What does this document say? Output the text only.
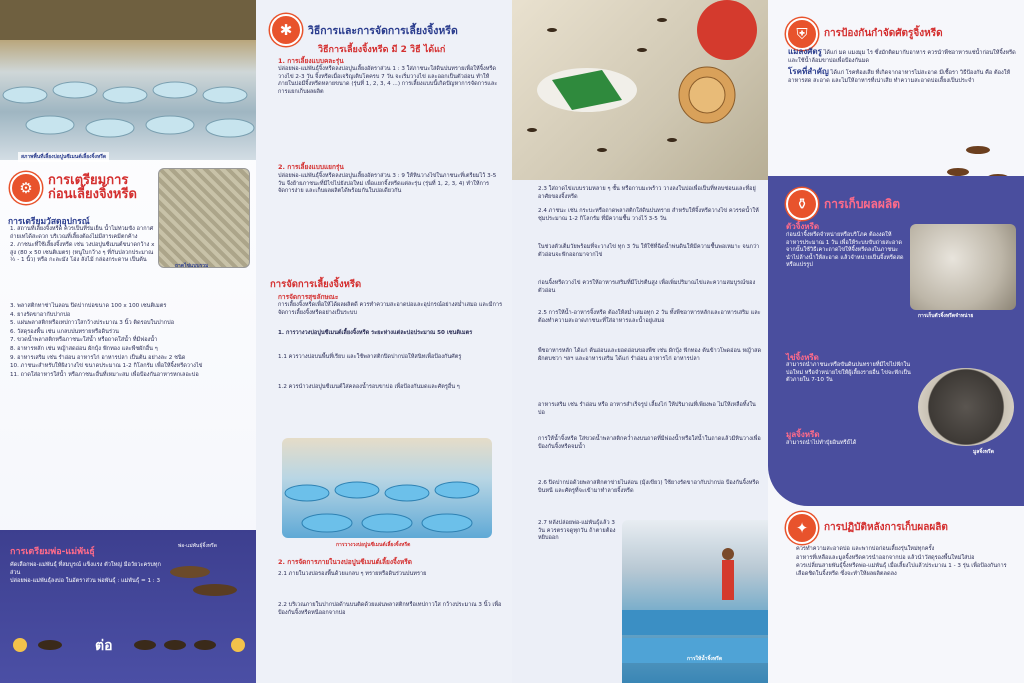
สภาพพื้นที่เลี้ยงบ่อปูนซีเมนต์เลี้ยงจิ้งหรีด
⚙	การเตรียมการ
ก่อนเลี้ยงจิ้งหรีด
ถาดไข่แบบรวม
การเตรียมวัสดุอุปกรณ์

1. สถานที่เลี้ยงจิ้งหรีด ควรเป็นที่ร่มเย็น น้ำไม่ท่วมขัง อากาศถ่ายเทได้สะดวก บริเวณที่เลี้ยงต้องไม่มีสารเคมีตกค้าง

2. ภาชนะที่ใช้เลี้ยงจิ้งหรีด เช่น วงบ่อปูนซีเมนต์ขนาดกว้าง x สูง (80 x 50 เซนติเมตร) (หนูใบกว้าง ๆ ที่กันปลวกประมาณ ½ - 1 นิ้ว) หรือ กะละมัง โอ่ง ลังไม้ กล่องกระดาษ เป็นต้น

3. พลาสติกทาซ่าไนลอน ปิดปากบ่อขนาด 100 x 100 เซนติเมตร

4. ยางรัดขาอากับปากบ่อ

5. แผ่นพลาสติกหรือเทปกาวใสกว้างประมาณ 3 นิ้ว ติดรอบในปากบ่อ

6. วัสดุรองพื้น เช่น แกลบปนทรายหรือดินร่วน

7. ขวดน้ำพลาสติกหรือภาชนะใส่น้ำ หรือถาดใส่น้ำ ที่มีฟองน้ำ

8. อาหารหลัก เช่น หญ้าสดอ่อน ผักบุ้ง ฟักทอง และพืชผักอื่น ๆ

9. อาหารเสริม เช่น รำอ่อน อาหารไก่ อาหารปลา เป็นต้น อย่างละ 2 ชนิด

10. ภาชนะสำหรับให้ผิงวางไข่ ขนาดประมาณ 1-2 กิโลกรัม เพื่อให้จิ้งหรีดวางไข่

11. ถาดใส่อาหารใส่น้ำ หรือภาชนะอื่นที่เหมาะสม เพื่อป้องกันอาหารหกเลอะบ่อ

การเตรียมพ่อ-แม่พันธุ์
พ่อ-แม่พันธุ์จิ้งหรีด

คัดเลือกพ่อ-แม่พันธุ์ ที่สมบูรณ์ แข็งแรง ตัวใหญ่ มีอวัยวะครบทุกส่วน

ปล่อยพ่อ-แม่พันธุ์ลงบ่อ ในอัตราส่วน พ่อพันธุ์ : แม่พันธุ์ = 1 : 3

ต่อ
✱	วิธีการและการจัดการเลี้ยงจิ้งหรีด
วิธีการเลี้ยงจิ้งหรีด มี 2 วิธี ได้แก่
1. การเลี้ยงแบบคละรุ่น
ปล่อยพ่อ-แม่พันธุ์จิ้งหรีดลงบ่อปูนเลี้ยงอัตราส่วน 1 : 3 ใส่ภาชนะใส่ดินปนทรายเพื่อให้จิ้งหรีดวางไข่ 2-3 วัน จิ้งหรีดเมื่อเจริญเติบโตครบ 7 วัน จะเริ่มวางไข่ และออกเป็นตัวอ่อน ทำให้ภายในบ่อมีจิ้งหรีดหลายขนาด (รุ่นที่ 1, 2, 3, 4 ...) การเลี้ยงแบบนี้เกิดปัญหาการจัดการและการแยกเก็บผลผลิต
2. การเลี้ยงแบบแยกรุ่น
ปล่อยพ่อ-แม่พันธุ์จิ้งหรีดลงบ่อปูนเลี้ยงอัตราส่วน 3 : 9 ให้หินวางไข่ในภาชนะที่เตรียมไว้ 3-5 วัน จึงย้ายภาชนะที่มีไข่ไปยังบ่อใหม่ เพื่อแยกจิ้งหรีดแต่ละรุ่น (รุ่นที่ 1, 2, 3, 4) ทำให้การจัดการง่าย และเก็บผลผลิตได้พร้อมกันในบ่อเดียวกัน
การจัดการเลี้ยงจิ้งหรีด
การจัดการสุขลักษณะ
การเลี้ยงจิ้งหรีดเพื่อให้ได้ผลผลิตดี ควรทำความสะอาดบ่อและอุปกรณ์อย่างสม่ำเสมอ และมีการจัดการเลี้ยงจิ้งหรีดอย่างเป็นระบบ
1. การวางวงบ่อปูนซีเมนต์เลี้ยงจิ้งหรีด ระยะห่างแต่ละบ่อประมาณ 50 เซนติเมตร
1.1 ควรวางบ่อบนพื้นที่เรียบ และใช้พลาสติกปิดปากบ่อให้สนิทเพื่อป้องกันศัตรู
1.2 ควรนำวงบ่อปูนซีเมนต์ใส่คลองน้ำรอบขาบ่อ เพื่อป้องกันมดและศัตรูอื่น ๆ
การวางวงบ่อปูนซีเมนต์เลี้ยงจิ้งหรีด
2. การจัดการภายในวงบ่อปูนซีเมนต์เลี้ยงจิ้งหรีด
2.1 ภายในวงบ่อรองพื้นด้วยแกลบ ๆ ทรายหรือดินร่วนปนทราย
2.2 บริเวณภายในปากบ่อด้านบนติดด้วยแผ่นพลาสติกหรือเทปกาวใส กว้างประมาณ 3 นิ้ว เพื่อป้องกันจิ้งหรีดหนีออกจากบ่อ
2.3 ใส่ถาดไข่แบบรวมหลาย ๆ ชั้น หรือกาบมะพร้าว วางลงในบ่อเพื่อเป็นที่หลบซ่อนและที่อยู่อาศัยของจิ้งหรีด
2.4 ภาชนะ เช่น กระบะหรือถาดพลาสติกใส่ดินปนทราย สำหรับให้จิ้งหรีดวางไข่ ควรรดน้ำให้ชุ่มประมาณ 1-2 กิโลกรัม ที่มีความชื้น วางไว้ 3-5 วัน
ในช่วงตัวเต็มวัยพร้อมที่จะวางไข่ ทุก 3 วัน ให้ใช้ที่ฉีดน้ำพ่นดินให้มีความชื้นพอเหมาะ จนกว่าตัวอ่อนจะฟักออกมาจากไข่
ก่อนจิ้งหรีดวางไข่ ควรให้อาหารเสริมที่มีโปรตีนสูง เพื่อเพิ่มปริมาณไข่และความสมบูรณ์ของตัวอ่อน
2.5 การให้น้ำ-อาหารจิ้งหรีด ต้องให้สม่ำเสมอทุก 2 วัน ทั้งพืชอาหารหลักและอาหารเสริม และต้องทำความสะอาดภาชนะที่ใส่อาหารและน้ำอยู่เสมอ
พืชอาหารหลัก ได้แก่ ต้นอ่อนและยอดอ่อนของพืช เช่น ผักบุ้ง ฟักทอง ต้นข้าวโพดอ่อน หญ้าสด ผักตบชวา ฯลฯ และอาหารเสริม ได้แก่ รำอ่อน อาหารไก่ อาหารปลา
อาหารเสริม เช่น รำอ่อน หรือ อาหารสำเร็จรูป เลี้ยงไก่ ให้ปริมาณที่เพียงพอ ไม่ให้เหลือทิ้งในบ่อ
การให้น้ำจิ้งหรีด ใส่ขวดน้ำพลาสติกคว่ำลงบนถาดที่มีฟองน้ำหรือใส่น้ำในถาดแล้วมีหินวางเพื่อป้องกันจิ้งหรีดจมน้ำ
2.6 ปิดปากบ่อด้วยพลาสติกตาข่ายไนล่อน (มุ้งเขียว) ใช้ยางรัดขาอากับปากบ่อ ป้องกันจิ้งหรีดบินหนี และศัตรูที่จะเข้ามาทำลายจิ้งหรีด
2.7 หลังปล่อยพ่อ-แม่พันธุ์แล้ว 3 วัน ควรตรวจดูทุกวัน ถ้าตายต้องหยิบออก
การให้น้ำจิ้งหรีด
⛨	การป้องกันกำจัดศัตรูจิ้งหรีด

แมลงศัตรู ได้แก่ มด แมงมุม ไร ซึ่งมักติดมากับอาหาร ควรนำพืชอาหารแช่น้ำก่อนให้จิ้งหรีด และใช้น้ำล้อมขาบ่อเพื่อป้องกันมด

โรคที่สำคัญ ได้แก่ โรคท้องเสีย ที่เกิดจากอาหารไม่สะอาด มีเชื้อรา วิธีป้องกัน คือ ต้องให้อาหารสด สะอาด และไม่ให้อาหารที่เน่าเสีย ทำความสะอาดบ่อเลี้ยงเป็นประจำ

⚱	การเก็บผลผลิต
ตัวจิ้งหรีด
ก่อนนำจิ้งหรีดจำหน่ายหรือบริโภค ต้องงดให้อาหารประมาณ 1 วัน เพื่อให้ระบบขับถ่ายสะอาด จากนั้นใช้วิธีเคาะถาดไข่ให้จิ้งหรีดลงในภาชนะ นำไปล้างน้ำให้สะอาด แล้วจำหน่ายเป็นจิ้งหรีดสดหรือแปรรูป
การเก็บตัวจิ้งหรีดจำหน่าย
ไข่จิ้งหรีด
สามารถนำภาชนะหรือขันดินปนทรายที่มีไข่ไปฟักในบ่อใหม่ หรือจำหน่ายไข่ให้ผู้เลี้ยงรายอื่น ไข่จะฟักเป็นตัวภายใน 7-10 วัน
มูลจิ้งหรีด
สามารถนำไปทำปุ๋ยอินทรีย์ได้
มูลจิ้งหรีด
✦	การปฏิบัติหลังการเก็บผลผลิต

ควรทำความสะอาดบ่อ และพากบ่อก่อนเลี้ยงรุ่นใหม่ทุกครั้ง

อาหารที่เหลือและมูลจิ้งหรีดควรนำออกจากบ่อ แล้วนำวัสดุรองพื้นใหม่ใส่บ่อ

ควรเปลี่ยนสายพันธุ์จิ้งหรีดพ่อ-แม่พันธุ์ เมื่อเลี้ยงไปแล้วประมาณ 1 - 3 รุ่น เพื่อป้องกันการเลือดชิดในจิ้งหรีด ซึ่งจะทำให้ผลผลิตลดลง
